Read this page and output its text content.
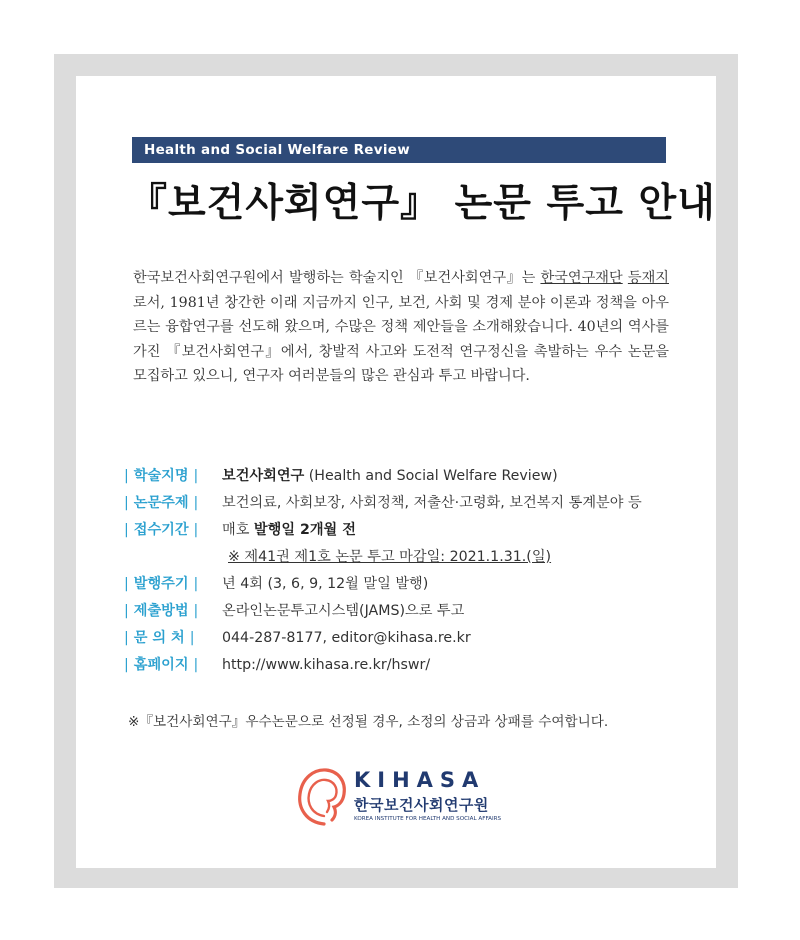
Health and Social Welfare Review
『보건사회연구』 논문 투고 안내

한국보건사회연구원에서 발행하는 학술지인 『보건사회연구』는 한국연구재단 등재지로서, 1981년 창간한 이래 지금까지 인구, 보건, 사회 및 경제 분야 이론과 정책을 아우르는 융합연구를 선도해 왔으며, 수많은 정책 제안들을 소개해왔습니다. 40년의 역사를 가진 『보건사회연구』에서, 창발적 사고와 도전적 연구정신을 촉발하는 우수 논문을 모집하고 있으니, 연구자 여러분들의 많은 관심과 투고 바랍니다.

| 학술지명 | 보건사회연구 (Health and Social Welfare Review)
| 논문주제 | 보건의료, 사회보장, 사회정책, 저출산·고령화, 보건복지 통계분야 등
| 접수기간 | 매호 발행일 2개월 전
※ 제41권 제1호 논문 투고 마감일: 2021.1.31.(일)
| 발행주기 | 년 4회 (3, 6, 9, 12월 말일 발행)
| 제출방법 | 온라인논문투고시스템(JAMS)으로 투고
| 문 의 처 | 044-287-8177, editor@kihasa.re.kr
| 홈페이지 | http://www.kihasa.re.kr/hswr/
※『보건사회연구』우수논문으로 선정될 경우, 소정의 상금과 상패를 수여합니다.
KIHASA
한국보건사회연구원
KOREA INSTITUTE FOR HEALTH AND SOCIAL AFFAIRS
